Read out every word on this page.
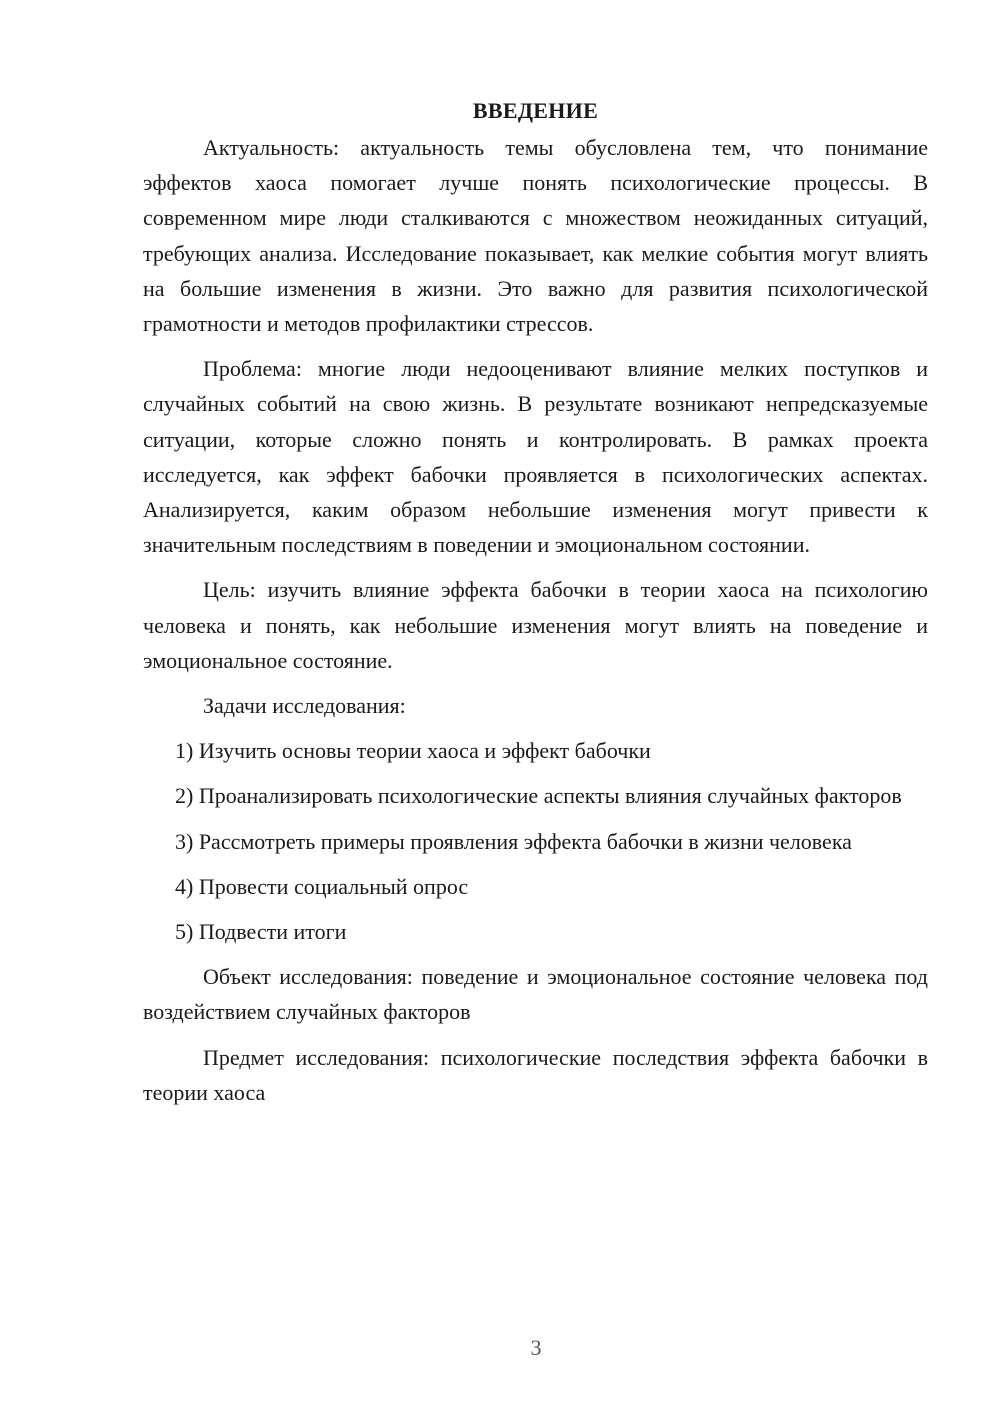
ВВЕДЕНИЕ

Актуальность: актуальность темы обусловлена тем, что понимание эффектов хаоса помогает лучше понять психологические процессы. В современном мире люди сталкиваются с множеством неожиданных ситуаций, требующих анализа. Исследование показывает, как мелкие события могут влиять на большие изменения в жизни. Это важно для развития психологической грамотности и методов профилактики стрессов.

Проблема: многие люди недооценивают влияние мелких поступков и случайных событий на свою жизнь. В результате возникают непредсказуемые ситуации, которые сложно понять и контролировать. В рамках проекта исследуется, как эффект бабочки проявляется в психологических аспектах. Анализируется, каким образом небольшие изменения могут привести к значительным последствиям в поведении и эмоциональном состоянии.

Цель: изучить влияние эффекта бабочки в теории хаоса на психологию человека и понять, как небольшие изменения могут влиять на поведение и эмоциональное состояние.

Задачи исследования:

1) Изучить основы теории хаоса и эффект бабочки

2) Проанализировать психологические аспекты влияния случайных факторов

3) Рассмотреть примеры проявления эффекта бабочки в жизни человека

4) Провести социальный опрос

5) Подвести итоги

Объект исследования: поведение и эмоциональное состояние человека под воздействием случайных факторов

Предмет исследования: психологические последствия эффекта бабочки в теории хаоса

3
